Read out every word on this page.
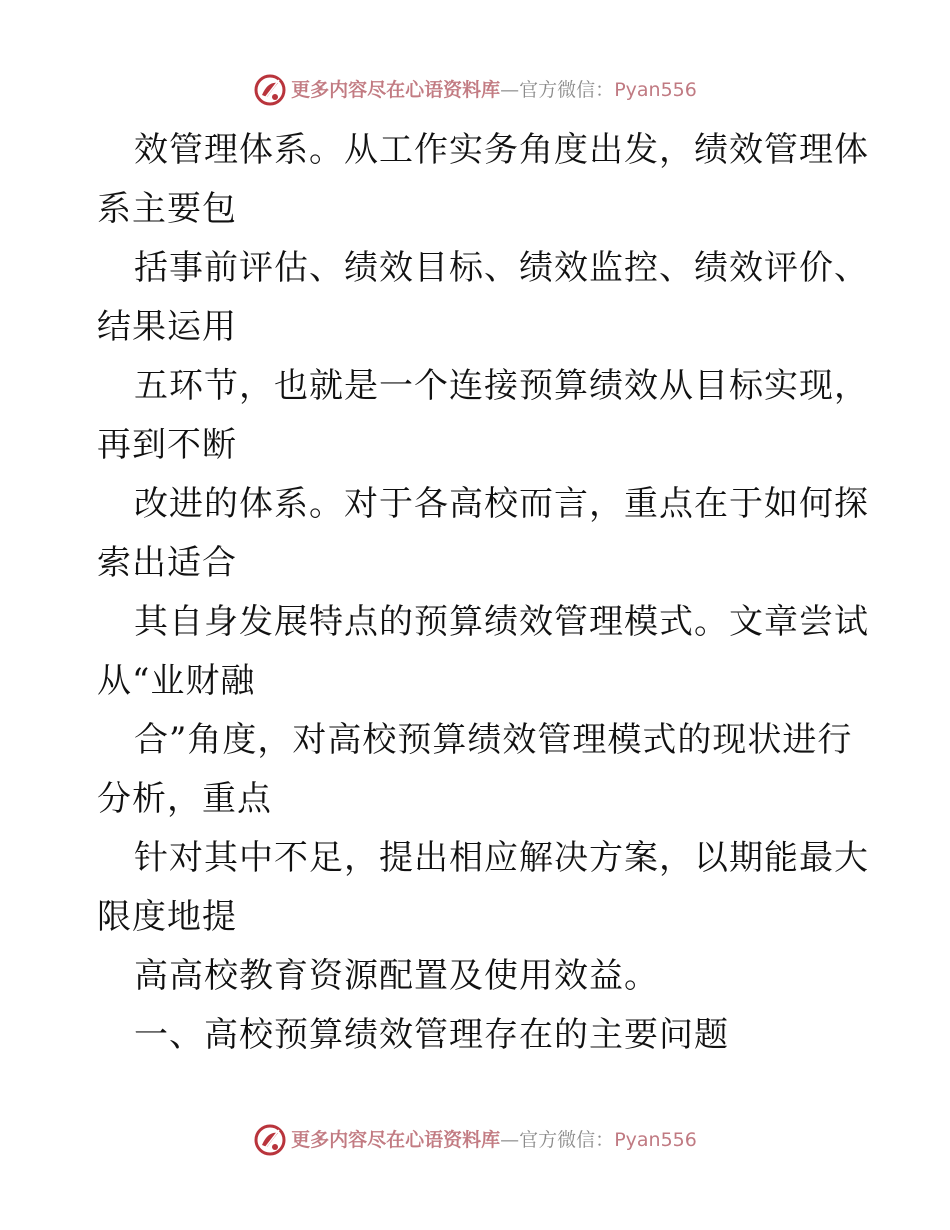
更多内容尽在心语资料库—官方微信：Pyan556
效管理体系。从工作实务角度出发，绩效管理体
系主要包
括事前评估、绩效目标、绩效监控、绩效评价、
结果运用
五环节，也就是一个连接预算绩效从目标实现，
再到不断
改进的体系。对于各高校而言，重点在于如何探
索出适合
其自身发展特点的预算绩效管理模式。文章尝试
从“业财融
合”角度，对高校预算绩效管理模式的现状进行
分析，重点
针对其中不足，提出相应解决方案，以期能最大
限度地提
高高校教育资源配置及使用效益。
一、高校预算绩效管理存在的主要问题
更多内容尽在心语资料库—官方微信：Pyan556
